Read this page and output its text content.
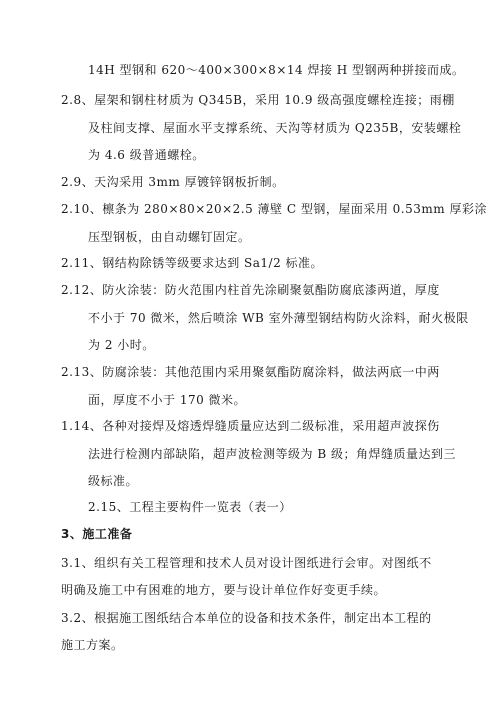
14H 型钢和 620～400×300×8×14 焊接 H 型钢两种拼接而成。
2.8、屋架和钢柱材质为 Q345B，采用 10.9 级高强度螺栓连接；雨棚
及柱间支撑、屋面水平支撑系统、天沟等材质为 Q235B，安装螺栓
为 4.6 级普通螺栓。
2.9、天沟采用 3mm 厚镀锌钢板折制。
2.10、檩条为 280×80×20×2.5 薄壁 C 型钢，屋面采用 0.53mm 厚彩涂
压型钢板，由自动螺钉固定。
2.11、钢结构除锈等级要求达到 Sa1/2 标准。
2.12、防火涂装：防火范围内柱首先涂刷聚氨酯防腐底漆两道，厚度
不小于 70 微米，然后喷涂 WB 室外薄型钢结构防火涂料，耐火极限
为 2 小时。
2.13、防腐涂装：其他范围内采用聚氨酯防腐涂料，做法两底一中两
面，厚度不小于 170 微米。
1.14、各种对接焊及熔透焊缝质量应达到二级标准，采用超声波探伤
法进行检测内部缺陷，超声波检测等级为 B 级；角焊缝质量达到三
级标准。
2.15、工程主要构件一览表（表一）
3、施工准备
3.1、组织有关工程管理和技术人员对设计图纸进行会审。对图纸不
明确及施工中有困难的地方，要与设计单位作好变更手续。
3.2、根据施工图纸结合本单位的设备和技术条件，制定出本工程的
施工方案。
